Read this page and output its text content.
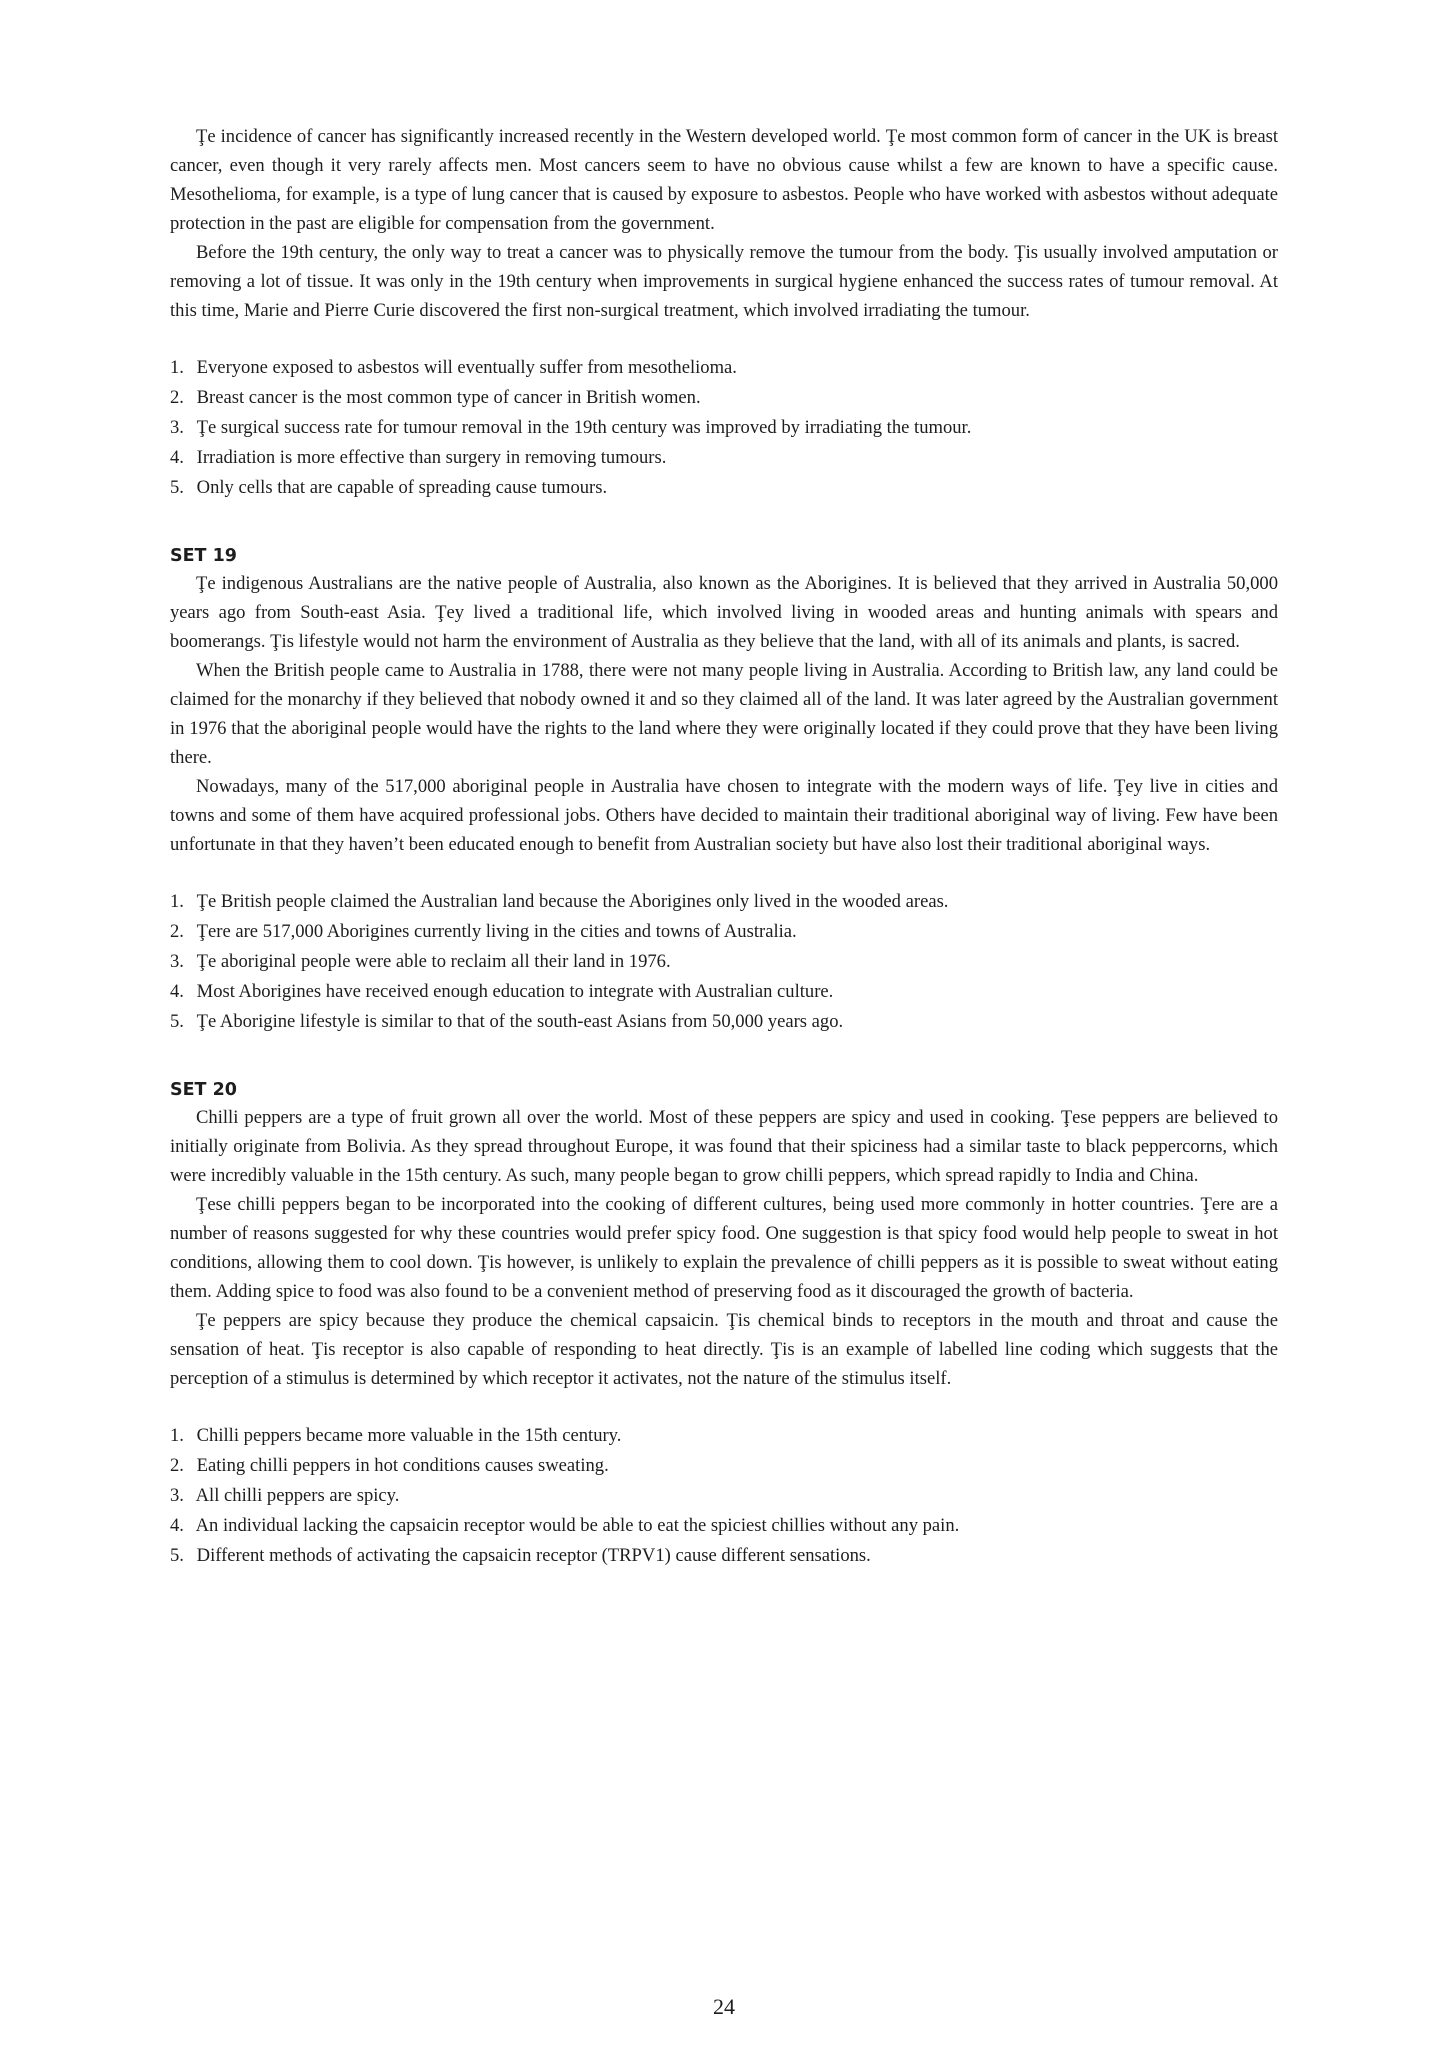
Ţe incidence of cancer has significantly increased recently in the Western developed world. Ţe most common form of cancer in the UK is breast cancer, even though it very rarely affects men. Most cancers seem to have no obvious cause whilst a few are known to have a specific cause. Mesothelioma, for example, is a type of lung cancer that is caused by exposure to asbestos. People who have worked with asbestos without adequate protection in the past are eligible for compensation from the government.

Before the 19th century, the only way to treat a cancer was to physically remove the tumour from the body. Ţis usually involved amputation or removing a lot of tissue. It was only in the 19th century when improvements in surgical hygiene enhanced the success rates of tumour removal. At this time, Marie and Pierre Curie discovered the first non-surgical treatment, which involved irradiating the tumour.

1. Everyone exposed to asbestos will eventually suffer from mesothelioma.
2. Breast cancer is the most common type of cancer in British women.
3. Ţe surgical success rate for tumour removal in the 19th century was improved by irradiating the tumour.
4. Irradiation is more effective than surgery in removing tumours.
5. Only cells that are capable of spreading cause tumours.
SET 19

Ţe indigenous Australians are the native people of Australia, also known as the Aborigines. It is believed that they arrived in Australia 50,000 years ago from South-east Asia. Ţey lived a traditional life, which involved living in wooded areas and hunting animals with spears and boomerangs. Ţis lifestyle would not harm the environment of Australia as they believe that the land, with all of its animals and plants, is sacred.

When the British people came to Australia in 1788, there were not many people living in Australia. According to British law, any land could be claimed for the monarchy if they believed that nobody owned it and so they claimed all of the land. It was later agreed by the Australian government in 1976 that the aboriginal people would have the rights to the land where they were originally located if they could prove that they have been living there.

Nowadays, many of the 517,000 aboriginal people in Australia have chosen to integrate with the modern ways of life. Ţey live in cities and towns and some of them have acquired professional jobs. Others have decided to maintain their traditional aboriginal way of living. Few have been unfortunate in that they haven’t been educated enough to benefit from Australian society but have also lost their traditional aboriginal ways.

1. Ţe British people claimed the Australian land because the Aborigines only lived in the wooded areas.
2. Ţere are 517,000 Aborigines currently living in the cities and towns of Australia.
3. Ţe aboriginal people were able to reclaim all their land in 1976.
4. Most Aborigines have received enough education to integrate with Australian culture.
5. Ţe Aborigine lifestyle is similar to that of the south-east Asians from 50,000 years ago.
SET 20

Chilli peppers are a type of fruit grown all over the world. Most of these peppers are spicy and used in cooking. Ţese peppers are believed to initially originate from Bolivia. As they spread throughout Europe, it was found that their spiciness had a similar taste to black peppercorns, which were incredibly valuable in the 15th century. As such, many people began to grow chilli peppers, which spread rapidly to India and China.

Ţese chilli peppers began to be incorporated into the cooking of different cultures, being used more commonly in hotter countries. Ţere are a number of reasons suggested for why these countries would prefer spicy food. One suggestion is that spicy food would help people to sweat in hot conditions, allowing them to cool down. Ţis however, is unlikely to explain the prevalence of chilli peppers as it is possible to sweat without eating them. Adding spice to food was also found to be a convenient method of preserving food as it discouraged the growth of bacteria.

Ţe peppers are spicy because they produce the chemical capsaicin. Ţis chemical binds to receptors in the mouth and throat and cause the sensation of heat. Ţis receptor is also capable of responding to heat directly. Ţis is an example of labelled line coding which suggests that the perception of a stimulus is determined by which receptor it activates, not the nature of the stimulus itself.

1. Chilli peppers became more valuable in the 15th century.
2. Eating chilli peppers in hot conditions causes sweating.
3. All chilli peppers are spicy.
4. An individual lacking the capsaicin receptor would be able to eat the spiciest chillies without any pain.
5. Different methods of activating the capsaicin receptor (TRPV1) cause different sensations.
24
